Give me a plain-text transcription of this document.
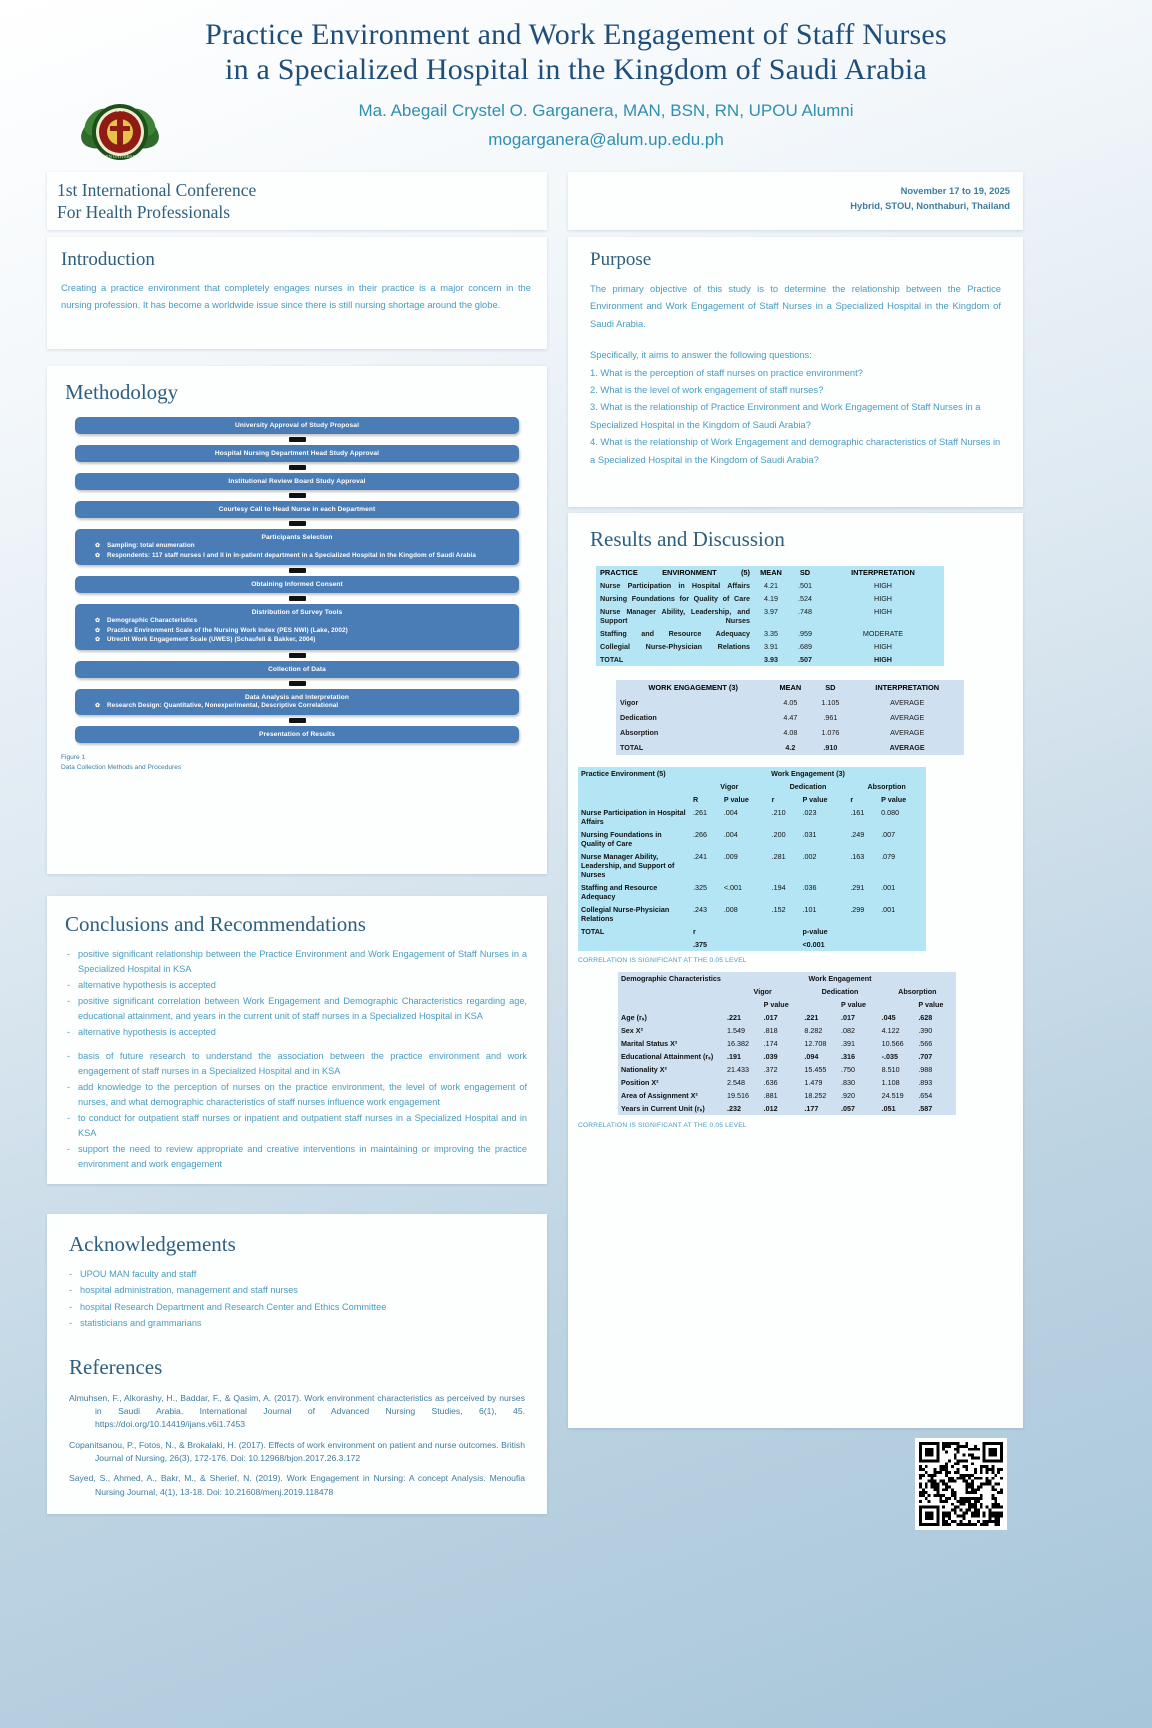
Practice Environment and Work Engagement of Staff Nurses
in a Specialized Hospital in the Kingdom of Saudi Arabia
U P
OPEN UNIVERSITY
Ma. Abegail Crystel O. Garganera, MAN, BSN, RN, UPOU Alumni
mogarganera@alum.up.edu.ph
1st International Conference
For Health Professionals
November 17 to 19, 2025
Hybrid, STOU, Nonthaburi, Thailand
Introduction

Creating a practice environment that completely engages nurses in their practice is a major concern in the nursing profession. It has become a worldwide issue since there is still nursing shortage around the globe.

Purpose
The primary objective of this study is to determine the relationship between the Practice Environment and Work Engagement of Staff Nurses in a Specialized Hospital in the Kingdom of Saudi Arabia.
Specifically, it aims to answer the following questions:
1. What is the perception of staff nurses on practice environment?
2. What is the level of work engagement of staff nurses?
3. What is the relationship of Practice Environment and Work Engagement of Staff Nurses in a Specialized Hospital in the Kingdom of Saudi Arabia?
4. What is the relationship of Work Engagement and demographic characteristics of Staff Nurses in a Specialized Hospital in the Kingdom of Saudi Arabia?
Methodology
University Approval of Study Proposal
Hospital Nursing Department Head Study Approval
Institutional Review Board Study Approval
Courtesy Call to Head Nurse in each Department
Participants Selection
✿ Sampling: total enumeration
✿ Respondents: 117 staff nurses I and II in in-patient department in a Specialized Hospital in the Kingdom of Saudi Arabia
Obtaining Informed Consent
Distribution of Survey Tools
✿ Demographic Characteristics
✿ Practice Environment Scale of the Nursing Work Index (PES NWI) (Lake, 2002)
✿ Utrecht Work Engagement Scale (UWES) (Schaufeli & Bakker, 2004)
Collection of Data
Data Analysis and Interpretation
✿ Research Design: Quantitative, Nonexperimental, Descriptive Correlational
Presentation of Results
Figure 1
Data Collection Methods and Procedures
Results and Discussion
PRACTICE ENVIRONMENT (5)	MEAN	SD	INTERPRETATION
Nurse Participation in Hospital Affairs	4.21	.501	HIGH
Nursing Foundations for Quality of Care	4.19	.524	HIGH
Nurse Manager Ability, Leadership, and Support Nurses	3.97	.748	HIGH
Staffing and Resource Adequacy	3.35	.959	MODERATE
Collegial Nurse-Physician Relations	3.91	.689	HIGH
TOTAL	3.93	.507	HIGH
WORK ENGAGEMENT (3)	MEAN	SD	INTERPRETATION
Vigor	4.05	1.105	AVERAGE
Dedication	4.47	.961	AVERAGE
Absorption	4.08	1.076	AVERAGE
TOTAL	4.2	.910	AVERAGE
Practice Environment (5)	Work Engagement (3)					
	Vigor		Dedication		Absorption	
	R	P value	r	P value	r	P value
Nurse Participation in Hospital Affairs	.261	.004	.210	.023	.161	0.080
Nursing Foundations in Quality of Care	.266	.004	.200	.031	.249	.007
Nurse Manager Ability, Leadership, and Support of Nurses	.241	.009	.281	.002	.163	.079
Staffing and Resource Adequacy	.325	<.001	.194	.036	.291	.001
Collegial Nurse-Physician Relations	.243	.008	.152	.101	.299	.001
TOTAL	r			p-value		
	.375			<0.001		
CORRELATION IS SIGNIFICANT AT THE 0.05 LEVEL
Demographic Characteristics	Work Engagement					
	Vigor		Dedication		Absorption	
		P value		P value		P value
Age (rₛ)	.221	.017	.221	.017	.045	.628
Sex X²	1.549	.818	8.282	.082	4.122	.390
Marital Status X²	16.382	.174	12.708	.391	10.566	.566
Educational Attainment (rₛ)	.191	.039	.094	.316	-.035	.707
Nationality X²	21.433	.372	15.455	.750	8.510	.988
Position X²	2.548	.636	1.479	.830	1.108	.893
Area of Assignment X²	19.516	.881	18.252	.920	24.519	.654
Years in Current Unit (rₛ)	.232	.012	.177	.057	.051	.587
CORRELATION IS SIGNIFICANT AT THE 0.05 LEVEL
Conclusions and Recommendations
- positive significant relationship between the Practice Environment and Work Engagement of Staff Nurses in a Specialized Hospital in KSA
- alternative hypothesis is accepted
- positive significant correlation between Work Engagement and Demographic Characteristics regarding age, educational attainment, and years in the current unit of staff nurses in a Specialized Hospital in KSA
- alternative hypothesis is accepted
- basis of future research to understand the association between the practice environment and work engagement of staff nurses in a Specialized Hospital and in KSA
- add knowledge to the perception of nurses on the practice environment, the level of work engagement of nurses, and what demographic characteristics of staff nurses influence work engagement
- to conduct for outpatient staff nurses or inpatient and outpatient staff nurses in a Specialized Hospital and in KSA
- support the need to review appropriate and creative interventions in maintaining or improving the practice environment and work engagement
Acknowledgements
- UPOU MAN faculty and staff
- hospital administration, management and staff nurses
- hospital Research Department and Research Center and Ethics Committee
- statisticians and grammarians
References

Almuhsen, F., Alkorashy, H., Baddar, F., & Qasim, A. (2017). Work environment characteristics as perceived by nurses in Saudi Arabia. International Journal of Advanced Nursing Studies, 6(1), 45. https://doi.org/10.14419/ijans.v6i1.7453

Copanitsanou, P., Fotos, N., & Brokalaki, H. (2017). Effects of work environment on patient and nurse outcomes. British Journal of Nursing, 26(3), 172-176. Doi: 10.12968/bjon.2017.26.3.172

Sayed, S., Ahmed, A., Bakr, M., & Sherief, N. (2019). Work Engagement in Nursing: A concept Analysis. Menoufia Nursing Journal, 4(1), 13-18. Doi: 10.21608/menj.2019.118478
